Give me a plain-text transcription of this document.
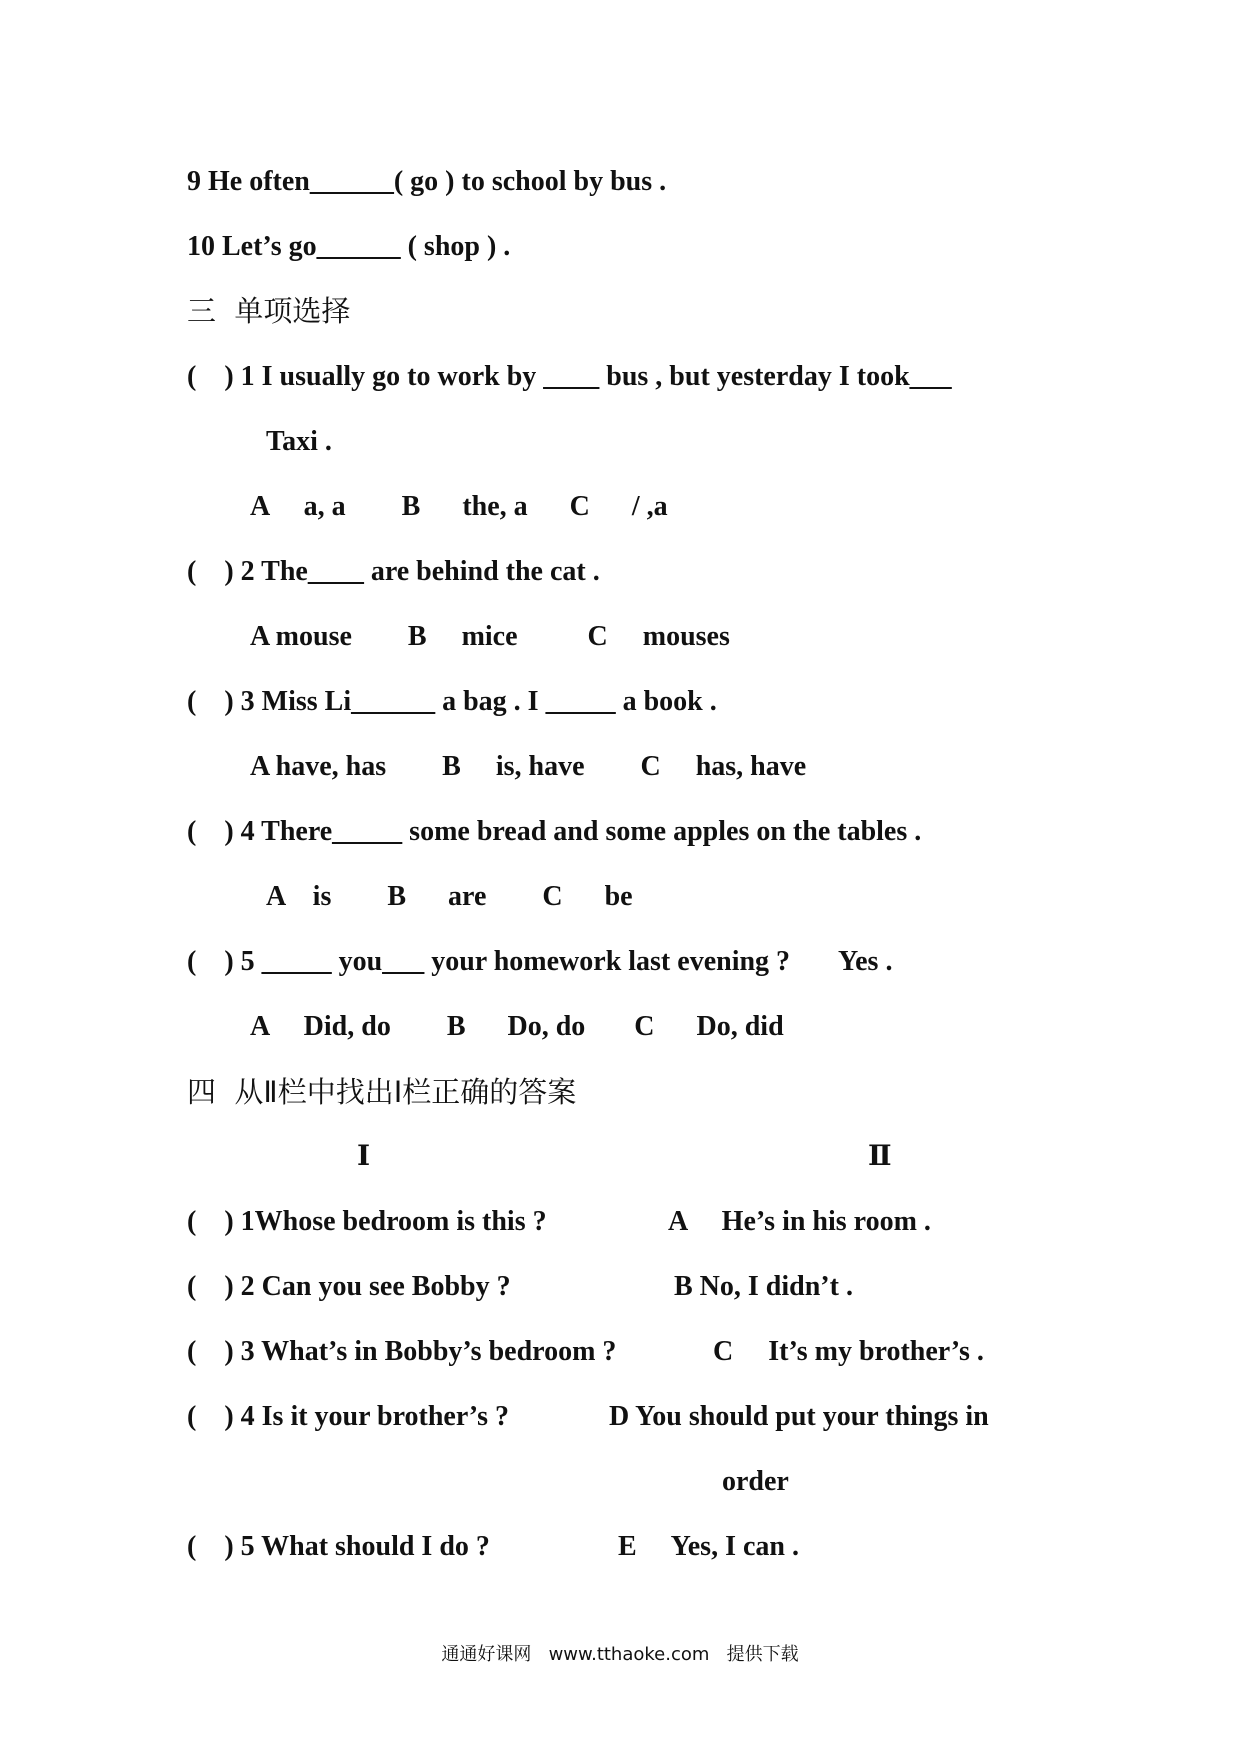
9 He often______( go ) to school by bus .
10 Let’s go______ ( shop ) .
三  单项选择
(    ) 1 I usually go to work by ____ bus , but yesterday I took___
Taxi .
A     a, a        B      the, a      C      / ,a
(    ) 2 The____ are behind the cat .
A mouse        B     mice          C     mouses
(    ) 3 Miss Li______ a bag . I _____ a book .
A have, has        B     is, have        C     has, have
(    ) 4 There_____ some bread and some apples on the tables .
A    is        B      are        C      be
(    ) 5 _____ you___ your homework last evening ?       Yes .
A     Did, do        B      Do, do       C      Do, did
四  从Ⅱ栏中找出Ⅰ栏正确的答案
Ⅰ	Ⅱ
(    ) 1Whose bedroom is this ?	A     He’s in his room .
(    ) 2 Can you see Bobby ?	B No, I didn’t .
(    ) 3 What’s in Bobby’s bedroom ?	C     It’s my brother’s .
(    ) 4 Is it your brother’s ?	D You should put your things in
order
(    ) 5 What should I do ?	E     Yes, I can .
通通好课网   www.tthaoke.com   提供下载
